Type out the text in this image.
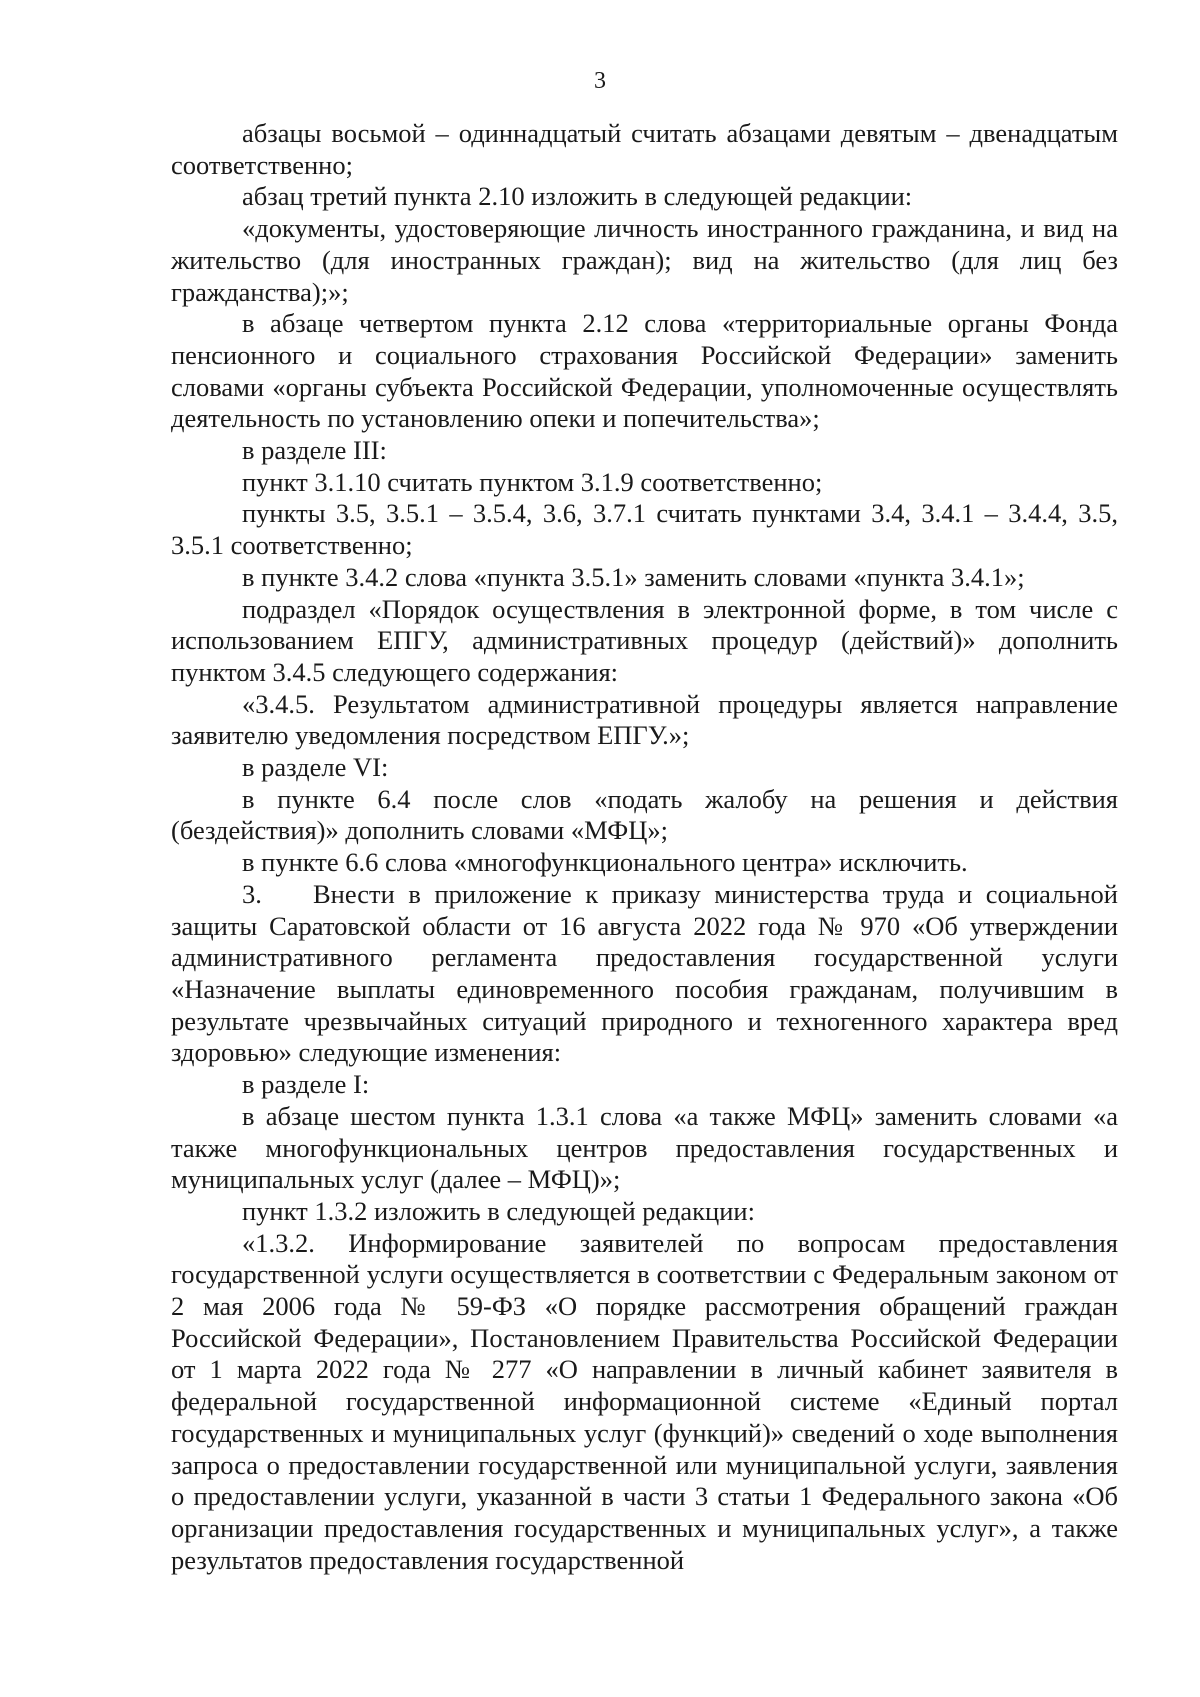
3

абзацы восьмой – одиннадцатый считать абзацами девятым – двенадцатым соответственно;

абзац третий пункта 2.10 изложить в следующей редакции:

«документы, удостоверяющие личность иностранного гражданина, и вид на жительство (для иностранных граждан); вид на жительство (для лиц без гражданства);»;

в абзаце четвертом пункта 2.12 слова «территориальные органы Фонда пенсионного и социального страхования Российской Федерации» заменить словами «органы субъекта Российской Федерации, уполномоченные осуществлять деятельность по установлению опеки и попечительства»;

в разделе III:

пункт 3.1.10 считать пунктом 3.1.9 соответственно;

пункты 3.5, 3.5.1 – 3.5.4, 3.6, 3.7.1 считать пунктами 3.4, 3.4.1 – 3.4.4, 3.5, 3.5.1 соответственно;

в пункте 3.4.2 слова «пункта 3.5.1» заменить словами «пункта 3.4.1»;

подраздел «Порядок осуществления в электронной форме, в том числе с использованием ЕПГУ, административных процедур (действий)» дополнить пунктом 3.4.5 следующего содержания:

«3.4.5. Результатом административной процедуры является направление заявителю уведомления посредством ЕПГУ.»;

в разделе VI:

в пункте 6.4 после слов «подать жалобу на решения и действия (бездействия)» дополнить словами «МФЦ»;

в пункте 6.6 слова «многофункционального центра» исключить.

3. Внести в приложение к приказу министерства труда и социальной защиты Саратовской области от 16 августа 2022 года № 970 «Об утверждении административного регламента предоставления государственной услуги «Назначение выплаты единовременного пособия гражданам, получившим в результате чрезвычайных ситуаций природного и техногенного характера вред здоровью» следующие изменения:

в разделе I:

в абзаце шестом пункта 1.3.1 слова «а также МФЦ» заменить словами «а также многофункциональных центров предоставления государственных и муниципальных услуг (далее – МФЦ)»;

пункт 1.3.2 изложить в следующей редакции:

«1.3.2. Информирование заявителей по вопросам предоставления государственной услуги осуществляется в соответствии с Федеральным законом от 2 мая 2006 года № 59-ФЗ «О порядке рассмотрения обращений граждан Российской Федерации», Постановлением Правительства Российской Федерации от 1 марта 2022 года № 277 «О направлении в личный кабинет заявителя в федеральной государственной информационной системе «Единый портал государственных и муниципальных услуг (функций)» сведений о ходе выполнения запроса о предоставлении государственной или муниципальной услуги, заявления о предоставлении услуги, указанной в части 3 статьи 1 Федерального закона «Об организации предоставления государственных и муниципальных услуг», а также результатов предоставления государственной
